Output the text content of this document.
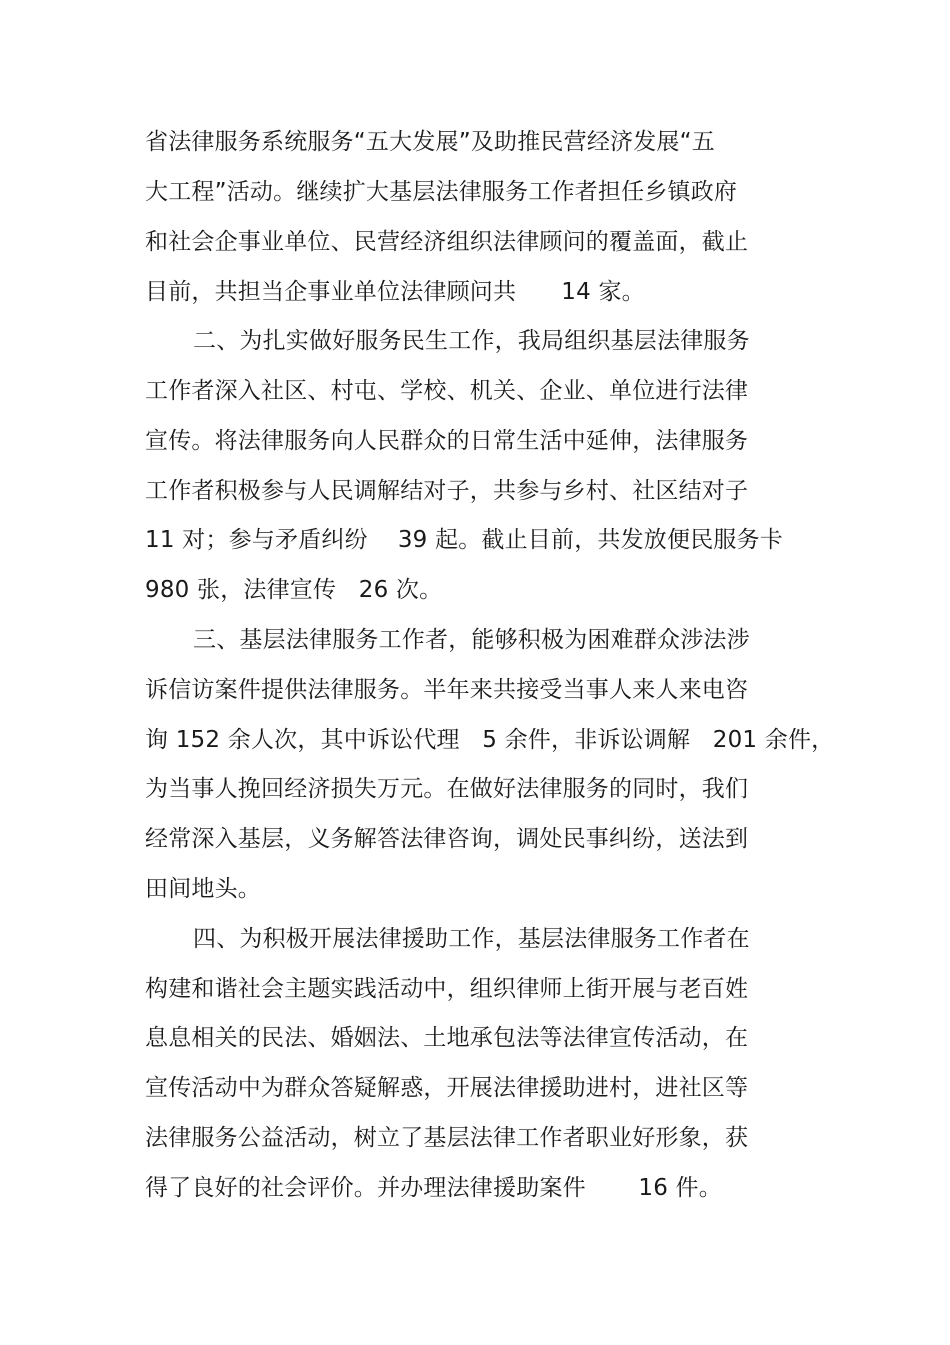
省法律服务系统服务“五大发展”及助推民营经济发展“五
大工程”活动。继续扩大基层法律服务工作者担任乡镇政府
和社会企事业单位、民营经济组织法律顾问的覆盖面，截止
目前，共担当企事业单位法律顾问共      14 家。
二、为扎实做好服务民生工作，我局组织基层法律服务
工作者深入社区、村屯、学校、机关、企业、单位进行法律
宣传。将法律服务向人民群众的日常生活中延伸，法律服务
工作者积极参与人民调解结对子，共参与乡村、社区结对子
11 对；参与矛盾纠纷    39 起。截止目前，共发放便民服务卡
980 张，法律宣传   26 次。
三、基层法律服务工作者，能够积极为困难群众涉法涉
诉信访案件提供法律服务。半年来共接受当事人来人来电咨
询 152 余人次，其中诉讼代理   5 余件，非诉讼调解   201 余件，
为当事人挽回经济损失万元。在做好法律服务的同时，我们
经常深入基层，义务解答法律咨询，调处民事纠纷，送法到
田间地头。
四、为积极开展法律援助工作，基层法律服务工作者在
构建和谐社会主题实践活动中，组织律师上街开展与老百姓
息息相关的民法、婚姻法、土地承包法等法律宣传活动，在
宣传活动中为群众答疑解惑，开展法律援助进村，进社区等
法律服务公益活动，树立了基层法律工作者职业好形象，获
得了良好的社会评价。并办理法律援助案件       16 件。
